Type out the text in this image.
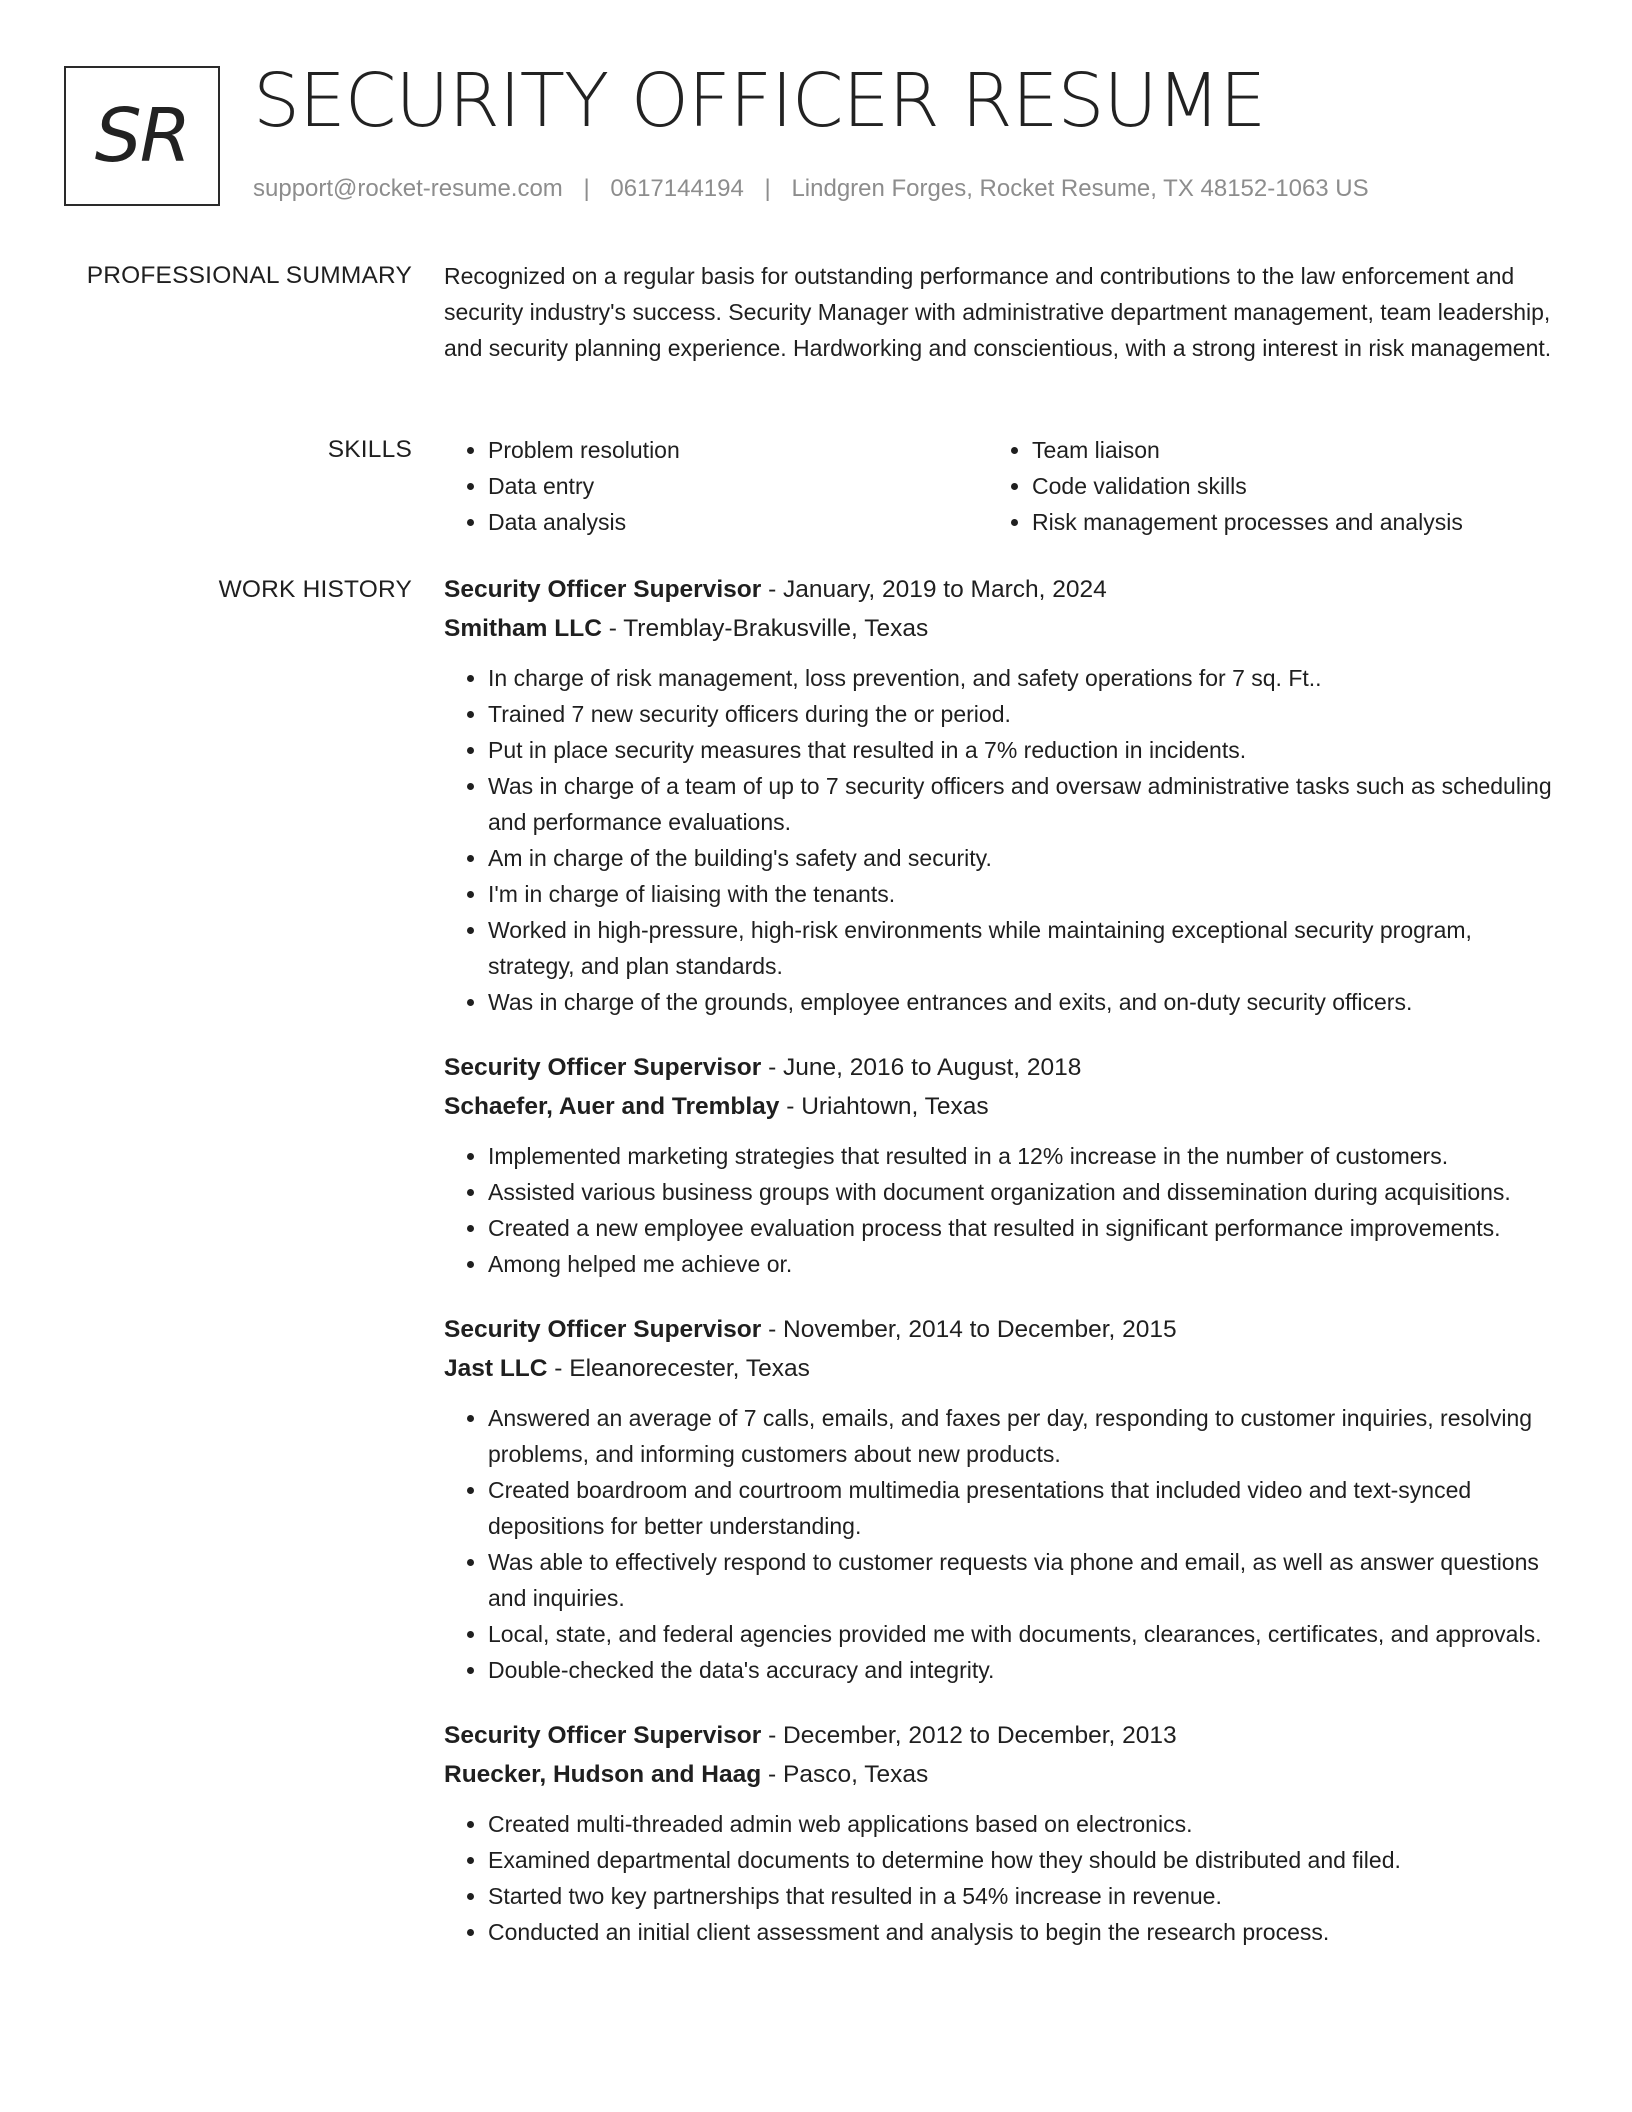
SR SECURITY OFFICER RESUME
support@rocket-resume.com | 0617144194 | Lindgren Forges, Rocket Resume, TX 48152-1063 US
PROFESSIONAL SUMMARY Recognized on a regular basis for outstanding performance and contributions to the law enforcement and security industry's success. Security Manager with administrative department management, team leadership, and security planning experience. Hardworking and conscientious, with a strong interest in risk management.

SKILLS
•	Problem resolution
• Data entry
• Data analysis
• Team liaison
• Code validation skills
• Risk management processes and analysis
WORK HISTORY Security Officer Supervisor - January, 2019 to March, 2024

Smitham LLC - Tremblay-Brakusville, Texas

• In charge of risk management, loss prevention, and safety operations for 7 sq. Ft..
• Trained 7 new security officers during the or period.
• Put in place security measures that resulted in a 7% reduction in incidents.
• Was in charge of a team of up to 7 security officers and oversaw administrative tasks such as scheduling and performance evaluations.
• Am in charge of the building's safety and security.
• I'm in charge of liaising with the tenants.
• Worked in high-pressure, high-risk environments while maintaining exceptional security program, strategy, and plan standards.
• Was in charge of the grounds, employee entrances and exits, and on-duty security officers.

Security Officer Supervisor - June, 2016 to August, 2018

Schaefer, Auer and Tremblay - Uriahtown, Texas

• Implemented marketing strategies that resulted in a 12% increase in the number of customers.
• Assisted various business groups with document organization and dissemination during acquisitions.
• Created a new employee evaluation process that resulted in significant performance improvements.
• Among helped me achieve or.

Security Officer Supervisor - November, 2014 to December, 2015

Jast LLC - Eleanorecester, Texas

• Answered an average of 7 calls, emails, and faxes per day, responding to customer inquiries, resolving problems, and informing customers about new products.
• Created boardroom and courtroom multimedia presentations that included video and text-synced depositions for better understanding.
• Was able to effectively respond to customer requests via phone and email, as well as answer questions and inquiries.
• Local, state, and federal agencies provided me with documents, clearances, certificates, and approvals.
• Double-checked the data's accuracy and integrity.

Security Officer Supervisor - December, 2012 to December, 2013

Ruecker, Hudson and Haag - Pasco, Texas

• Created multi-threaded admin web applications based on electronics.
• Examined departmental documents to determine how they should be distributed and filed.
• Started two key partnerships that resulted in a 54% increase in revenue.
• Conducted an initial client assessment and analysis to begin the research process.
